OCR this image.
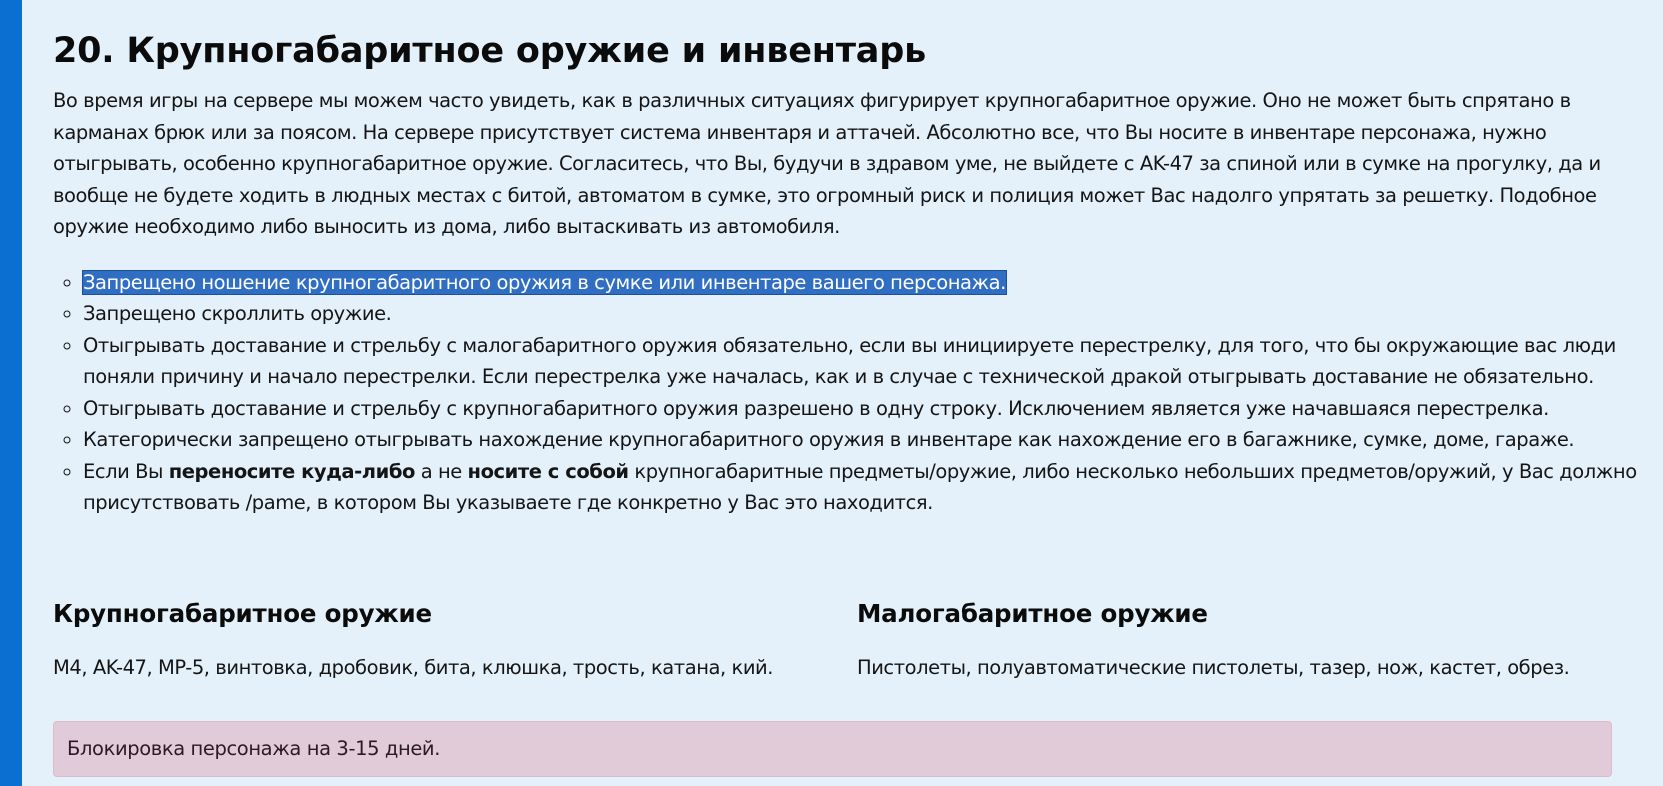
20. Крупногабаритное оружие и инвентарь

Во время игры на сервере мы можем часто увидеть, как в различных ситуациях фигурирует крупногабаритное оружие. Оно не может быть спрятано в карманах брюк или за поясом. На сервере присутствует система инвентаря и аттачей. Абсолютно все, что Вы носите в инвентаре персонажа, нужно отыгрывать, особенно крупногабаритное оружие. Согласитесь, что Вы, будучи в здравом уме, не выйдете с AK-47 за спиной или в сумке на прогулку, да и вообще не будете ходить в людных местах с битой, автоматом в сумке, это огромный риск и полиция может Вас надолго упрятать за решетку. Подобное оружие необходимо либо выносить из дома, либо вытаскивать из автомобиля.

◦ Запрещено ношение крупногабаритного оружия в сумке или инвентаре вашего персонажа.
◦ Запрещено скроллить оружие.
◦ Отыгрывать доставание и стрельбу с малогабаритного оружия обязательно, если вы инициируете перестрелку, для того, что бы окружающие вас люди поняли причину и начало перестрелки. Если перестрелка уже началась, как и в случае с технической дракой отыгрывать доставание не обязательно.
◦ Отыгрывать доставание и стрельбу с крупногабаритного оружия разрешено в одну строку. Исключением является уже начавшаяся перестрелка.
◦ Категорически запрещено отыгрывать нахождение крупногабаритного оружия в инвентаре как нахождение его в багажнике, сумке, доме, гараже.
◦ Если Вы переносите куда-либо а не носите с собой крупногабаритные предметы/оружие, либо несколько небольших предметов/оружий, у Вас должно присутствовать /pame, в котором Вы указываете где конкретно у Вас это находится.
Крупногабаритное оружие

M4, AK-47, MP-5, винтовка, дробовик, бита, клюшка, трость, катана, кий.

Малогабаритное оружие

Пистолеты, полуавтоматические пистолеты, тазер, нож, кастет, обрез.

Блокировка персонажа на 3-15 дней.
